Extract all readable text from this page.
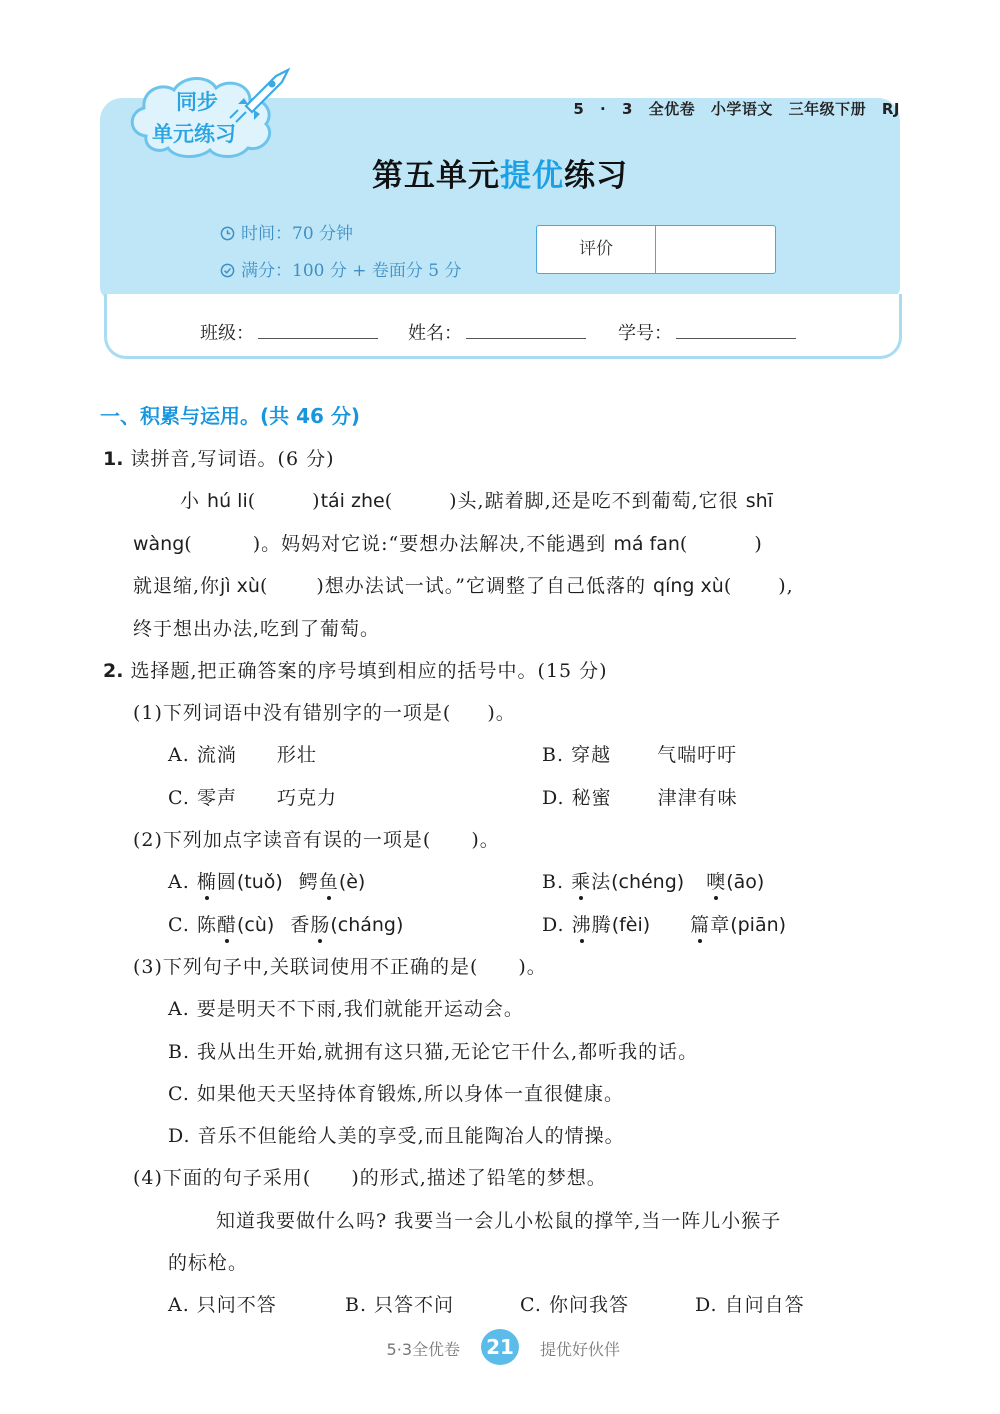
5 · 3 全优卷 小学语文 三年级下册 RJ
第五单元提优练习
时间：70 分钟
满分：100 分 + 卷面分 5 分
评价
班级：	姓名：	学号：
同步
单元练习
一、积累与运用。(共 46 分)
1. 读拼音,写词语。(6 分)
小 hú li(	)tái zhe(	)头,踮着脚,还是吃不到葡萄,它很 shī
wàng(	)。妈妈对它说:“要想办法解决,不能遇到 má fan(	)
就退缩,你jì xù(	)想办法试一试。”它调整了自己低落的 qíng xù( ),
终于想出办法,吃到了葡萄。
2. 选择题,把正确答案的序号填到相应的括号中。(15 分)
(1)下列词语中没有错别字的一项是( )。
A. 流淌 形壮	B. 穿越 气喘吁吁
C. 零声 巧克力	D. 秘蜜 津津有味
(2)下列加点字读音有误的一项是( )。
A. 椭圆(tuǒ) 鳄鱼(è)	B. 乘法(chéng) 噢(āo)
C. 陈醋(cù) 香肠(cháng)	D. 沸腾(fèi) 篇章(piān)
(3)下列句子中,关联词使用不正确的是( )。
A. 要是明天不下雨,我们就能开运动会。
B. 我从出生开始,就拥有这只猫,无论它干什么,都听我的话。
C. 如果他天天坚持体育锻炼,所以身体一直很健康。
D. 音乐不但能给人美的享受,而且能陶冶人的情操。
(4)下面的句子采用( )的形式,描述了铅笔的梦想。
知道我要做什么吗? 我要当一会儿小松鼠的撑竿,当一阵儿小猴子
的标枪。
A. 只问不答	B. 只答不问	C. 你问我答	D. 自问自答
5·3全优卷 21	提优好伙伴
